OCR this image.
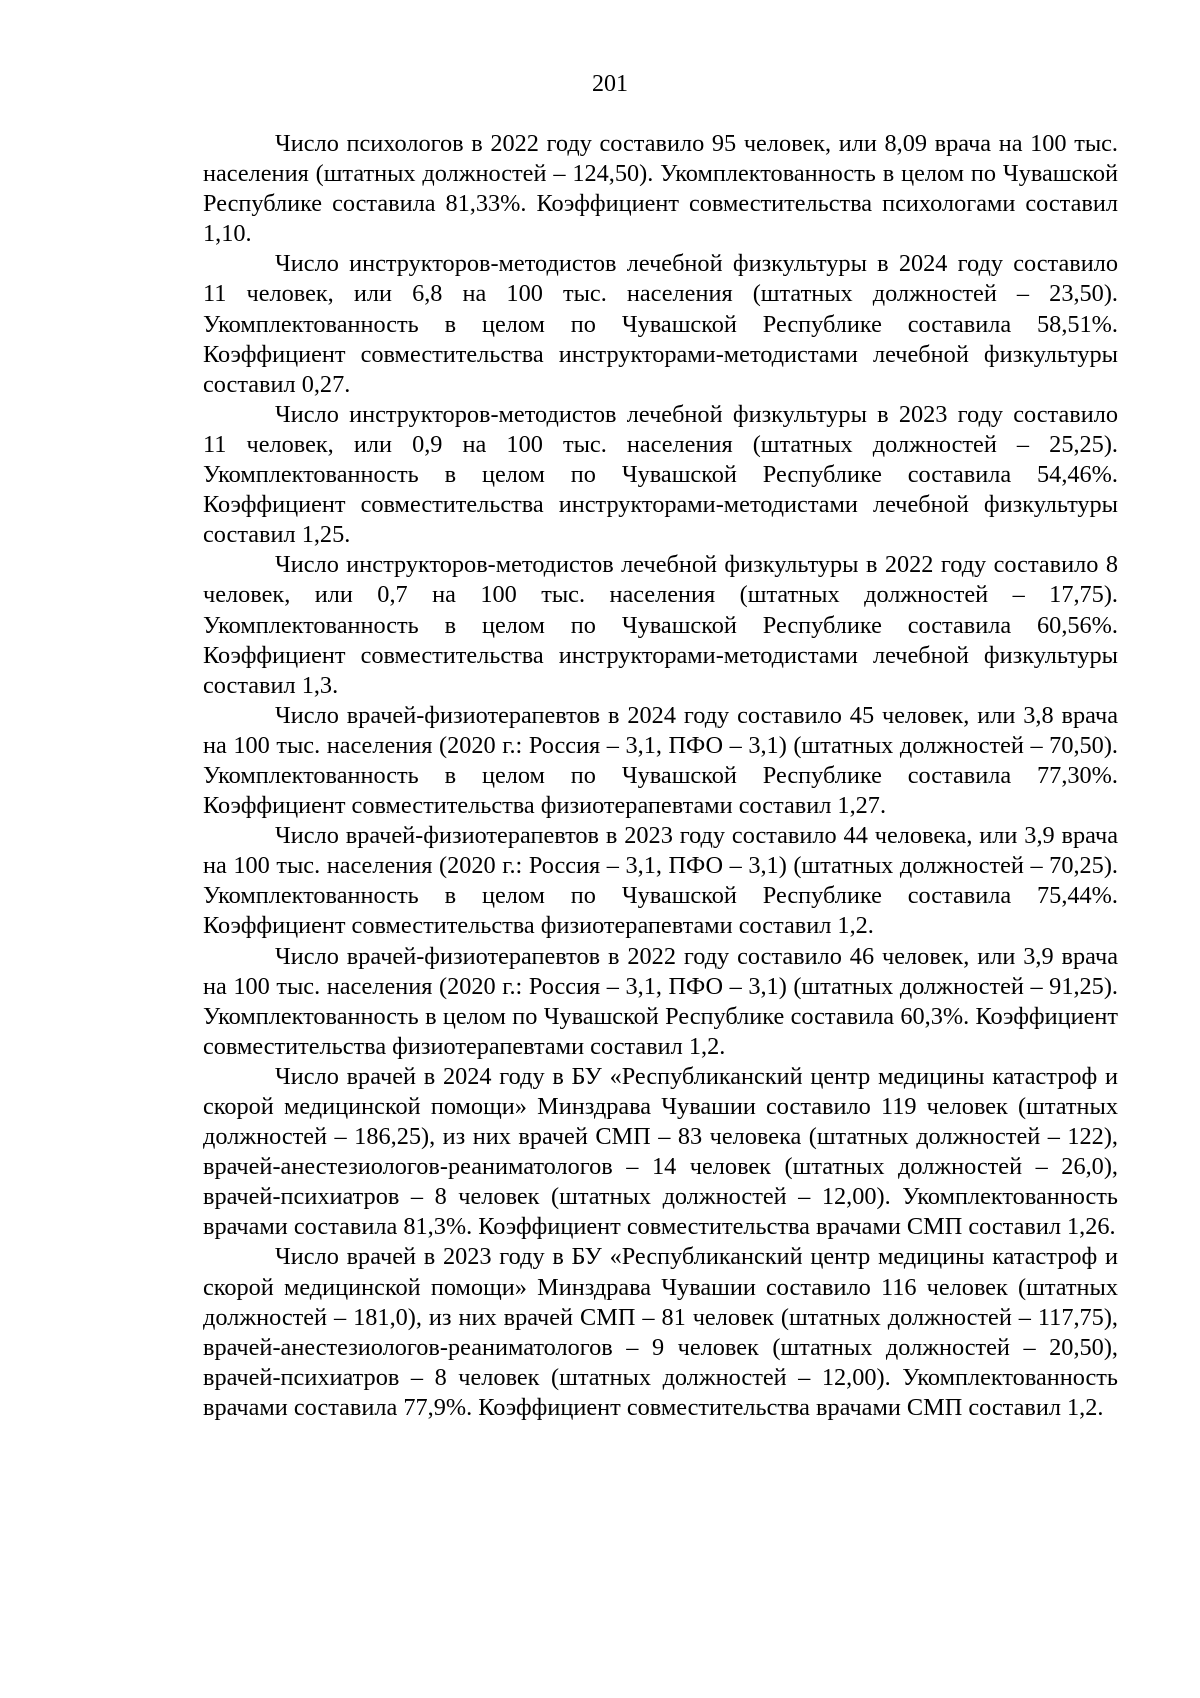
201

Число психологов в 2022 году составило 95 человек, или 8,09 врача на 100 тыс. населения (штатных должностей – 124,50). Укомплектованность в целом по Чувашской Республике составила 81,33%. Коэффициент совместительства психологами составил 1,10.

Число инструкторов-методистов лечебной физкультуры в 2024 году составило 11 человек, или 6,8 на 100 тыс. населения (штатных должностей – 23,50). Укомплектованность в целом по Чувашской Республике составила 58,51%. Коэффициент совместительства инструкторами-методистами лечебной физкультуры составил 0,27.

Число инструкторов-методистов лечебной физкультуры в 2023 году составило 11 человек, или 0,9 на 100 тыс. населения (штатных должностей – 25,25). Укомплектованность в целом по Чувашской Республике составила 54,46%. Коэффициент совместительства инструкторами-методистами лечебной физкультуры составил 1,25.

Число инструкторов-методистов лечебной физкультуры в 2022 году составило 8 человек, или 0,7 на 100 тыс. населения (штатных должностей – 17,75). Укомплектованность в целом по Чувашской Республике составила 60,56%. Коэффициент совместительства инструкторами-методистами лечебной физкультуры составил 1,3.

Число врачей-физиотерапевтов в 2024 году составило 45 человек, или 3,8 врача на 100 тыс. населения (2020 г.: Россия – 3,1, ПФО – 3,1) (штатных должностей – 70,50). Укомплектованность в целом по Чувашской Республике составила 77,30%. Коэффициент совместительства физиотерапевтами составил 1,27.

Число врачей-физиотерапевтов в 2023 году составило 44 человека, или 3,9 врача на 100 тыс. населения (2020 г.: Россия – 3,1, ПФО – 3,1) (штатных должностей – 70,25). Укомплектованность в целом по Чувашской Республике составила 75,44%. Коэффициент совместительства физиотерапевтами составил 1,2.

Число врачей-физиотерапевтов в 2022 году составило 46 человек, или 3,9 врача на 100 тыс. населения (2020 г.: Россия – 3,1, ПФО – 3,1) (штатных должностей – 91,25). Укомплектованность в целом по Чувашской Республике составила 60,3%. Коэффициент совместительства физиотерапевтами составил 1,2.

Число врачей в 2024 году в БУ «Республиканский центр медицины катастроф и скорой медицинской помощи» Минздрава Чувашии составило 119 человек (штатных должностей – 186,25), из них врачей СМП – 83 человека (штатных должностей – 122), врачей-анестезиологов-реаниматологов – 14 человек (штатных должностей – 26,0), врачей-психиатров – 8 человек (штатных должностей – 12,00). Укомплектованность врачами составила 81,3%. Коэффициент совместительства врачами СМП составил 1,26.

Число врачей в 2023 году в БУ «Республиканский центр медицины катастроф и скорой медицинской помощи» Минздрава Чувашии составило 116 человек (штатных должностей – 181,0), из них врачей СМП – 81 человек (штатных должностей – 117,75), врачей-анестезиологов-реаниматологов – 9 человек (штатных должностей – 20,50), врачей-психиатров – 8 человек (штатных должностей – 12,00). Укомплектованность врачами составила 77,9%. Коэффициент совместительства врачами СМП составил 1,2.
